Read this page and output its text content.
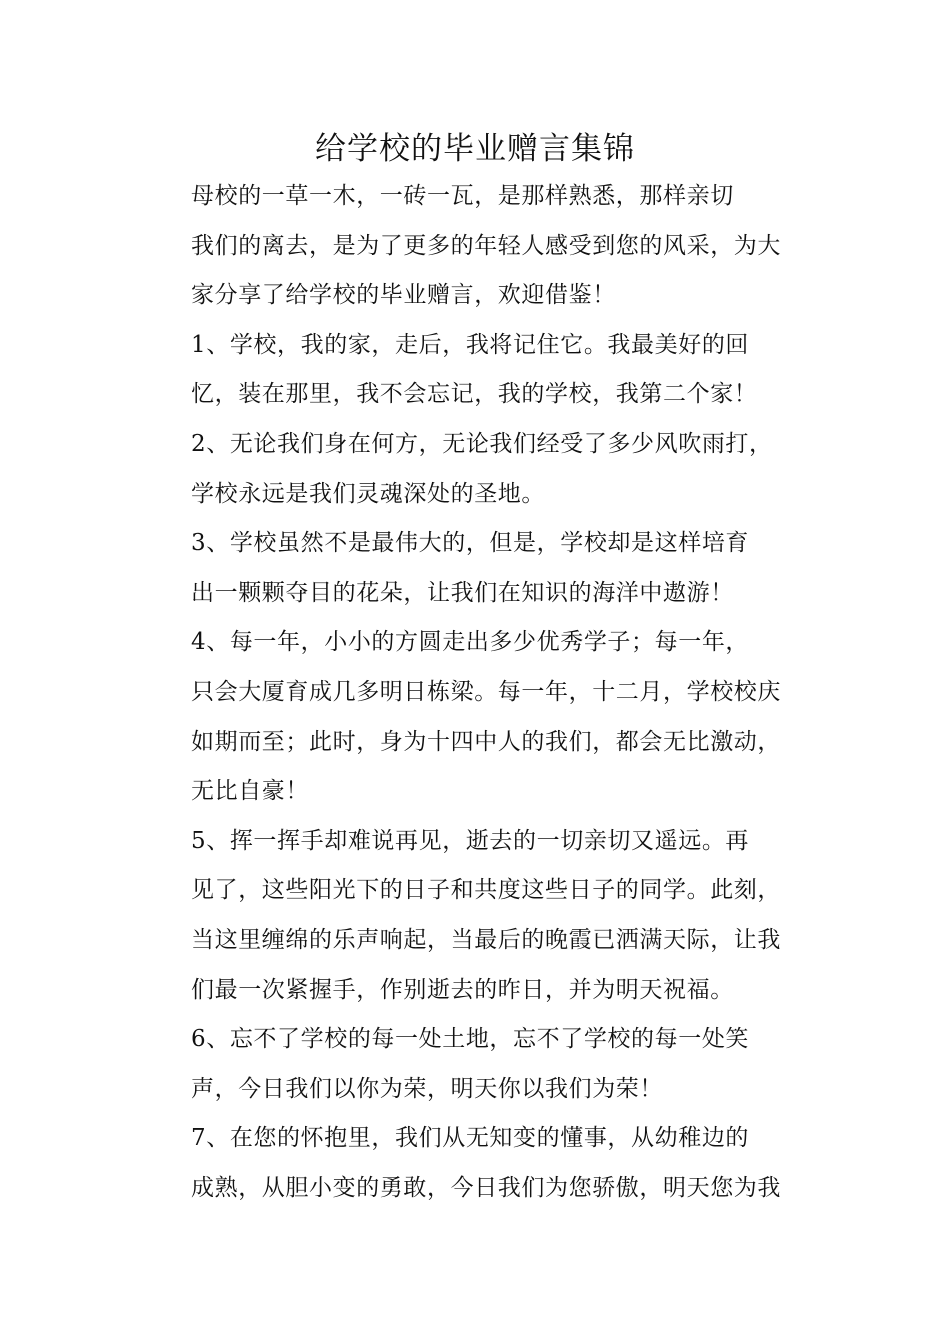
给学校的毕业赠言集锦

母校的一草一木，一砖一瓦，是那样熟悉，那样亲切
我们的离去，是为了更多的年轻人感受到您的风采，为大
家分享了给学校的毕业赠言，欢迎借鉴！

1、学校，我的家，走后，我将记住它。我最美好的回
忆，装在那里，我不会忘记，我的学校，我第二个家！

2、无论我们身在何方，无论我们经受了多少风吹雨打，
学校永远是我们灵魂深处的圣地。

3、学校虽然不是最伟大的，但是，学校却是这样培育
出一颗颗夺目的花朵，让我们在知识的海洋中遨游！

4、每一年，小小的方圆走出多少优秀学子；每一年，
只会大厦育成几多明日栋梁。每一年，十二月，学校校庆
如期而至；此时，身为十四中人的我们，都会无比激动，
无比自豪！

5、挥一挥手却难说再见，逝去的一切亲切又遥远。再
见了，这些阳光下的日子和共度这些日子的同学。此刻，
当这里缠绵的乐声响起，当最后的晚霞已洒满天际，让我
们最一次紧握手，作别逝去的昨日，并为明天祝福。

6、忘不了学校的每一处土地，忘不了学校的每一处笑
声，今日我们以你为荣，明天你以我们为荣！

7、在您的怀抱里，我们从无知变的懂事，从幼稚边的
成熟，从胆小变的勇敢，今日我们为您骄傲，明天您为我
